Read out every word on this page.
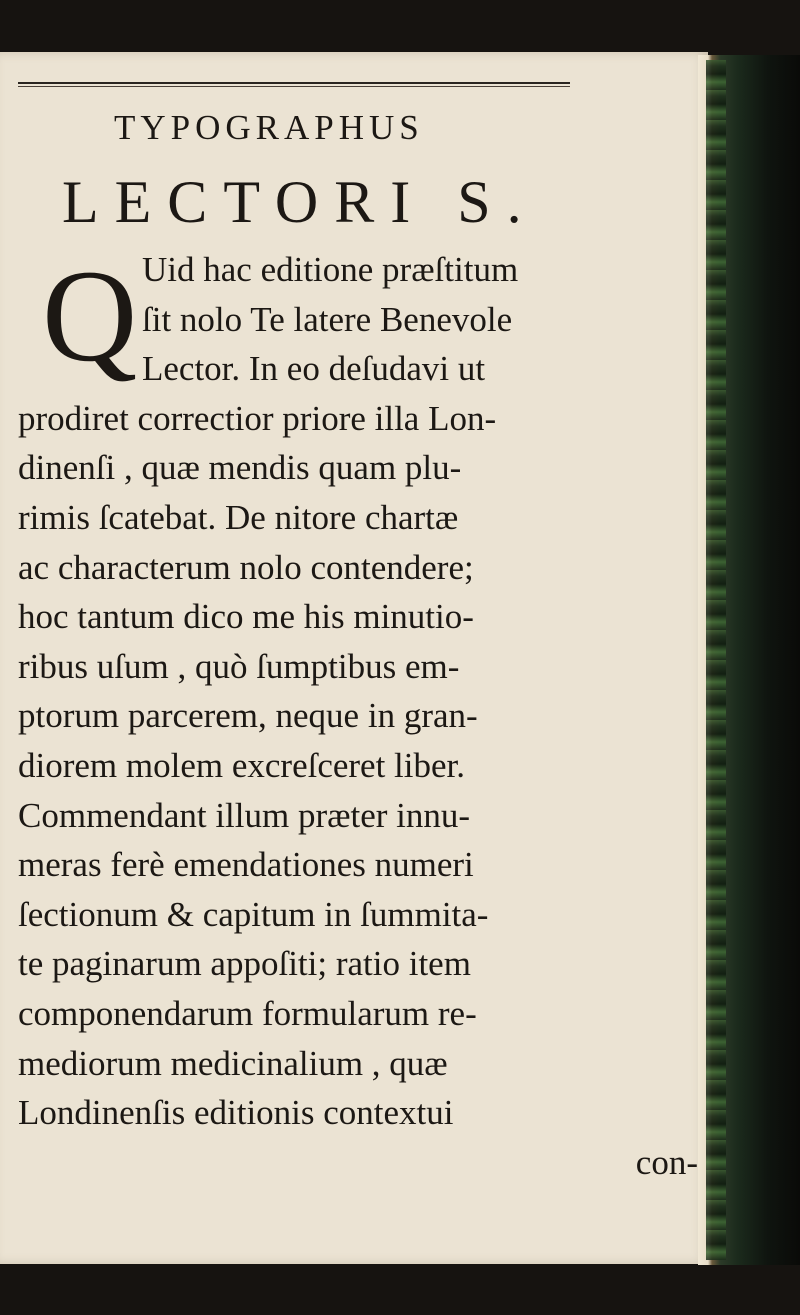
TYPOGRAPHUS
LECTORI S.
Q Uid hac editione præſtitum
ſit nolo Te latere Benevole
Lector. In eo deſudavi ut
prodiret correctior priore illa Lon-
dinenſi , quæ mendis quam plu-
rimis ſcatebat. De nitore chartæ
ac characterum nolo contendere;
hoc tantum dico me his minutio-
ribus uſum , quò ſumptibus em-
ptorum parcerem, neque in gran-
diorem molem excreſceret liber.
Commendant illum præter innu-
meras ferè emendationes numeri
ſectionum & capitum in ſummita-
te paginarum appoſiti; ratio item
componendarum formularum re-
mediorum medicinalium , quæ
Londinenſis editionis contextui
con-
